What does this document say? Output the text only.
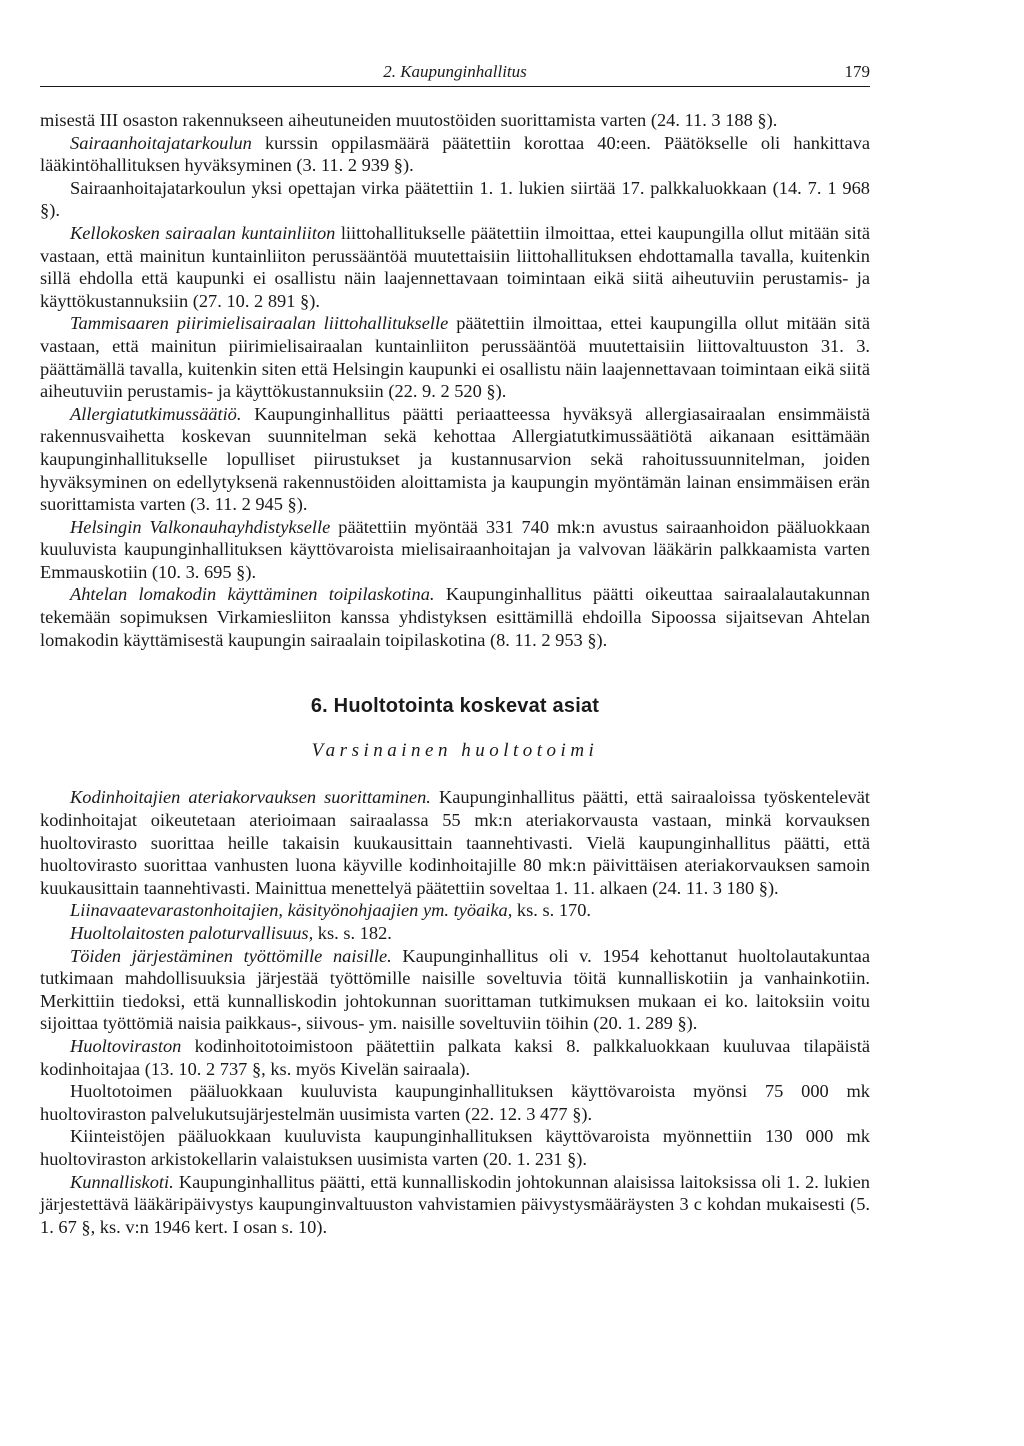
2. Kaupunginhallitus	179

misestä III osaston rakennukseen aiheutuneiden muutostöiden suorittamista varten (24. 11. 3 188 §).

Sairaanhoitajatarkoulun kurssin oppilasmäärä päätettiin korottaa 40:een. Päätökselle oli hankittava lääkintöhallituksen hyväksyminen (3. 11. 2 939 §).

Sairaanhoitajatarkoulun yksi opettajan virka päätettiin 1. 1. lukien siirtää 17. palkkaluokkaan (14. 7. 1 968 §).

Kellokosken sairaalan kuntainliiton liittohallitukselle päätettiin ilmoittaa, ettei kaupungilla ollut mitään sitä vastaan, että mainitun kuntainliiton perussääntöä muutettaisiin liittohallituksen ehdottamalla tavalla, kuitenkin sillä ehdolla että kaupunki ei osallistu näin laajennettavaan toimintaan eikä siitä aiheutuviin perustamis- ja käyttökustannuksiin (27. 10. 2 891 §).

Tammisaaren piirimielisairaalan liittohallitukselle päätettiin ilmoittaa, ettei kaupungilla ollut mitään sitä vastaan, että mainitun piirimielisairaalan kuntainliiton perussääntöä muutettaisiin liittovaltuuston 31. 3. päättämällä tavalla, kuitenkin siten että Helsingin kaupunki ei osallistu näin laajennettavaan toimintaan eikä siitä aiheutuviin perustamis- ja käyttökustannuksiin (22. 9. 2 520 §).

Allergiatutkimussäätiö. Kaupunginhallitus päätti periaatteessa hyväksyä allergiasairaalan ensimmäistä rakennusvaihetta koskevan suunnitelman sekä kehottaa Allergiatutkimussäätiötä aikanaan esittämään kaupunginhallitukselle lopulliset piirustukset ja kustannusarvion sekä rahoitussuunnitelman, joiden hyväksyminen on edellytyksenä rakennustöiden aloittamista ja kaupungin myöntämän lainan ensimmäisen erän suorittamista varten (3. 11. 2 945 §).

Helsingin Valkonauhayhdistykselle päätettiin myöntää 331 740 mk:n avustus sairaanhoidon pääluokkaan kuuluvista kaupunginhallituksen käyttövaroista mielisairaanhoitajan ja valvovan lääkärin palkkaamista varten Emmauskotiin (10. 3. 695 §).

Ahtelan lomakodin käyttäminen toipilaskotina. Kaupunginhallitus päätti oikeuttaa sairaalalautakunnan tekemään sopimuksen Virkamiesliiton kanssa yhdistyksen esittämillä ehdoilla Sipoossa sijaitsevan Ahtelan lomakodin käyttämisestä kaupungin sairaalain toipilaskotina (8. 11. 2 953 §).

6. Huoltotointa koskevat asiat
Varsinainen huoltotoimi

Kodinhoitajien ateriakorvauksen suorittaminen. Kaupunginhallitus päätti, että sairaaloissa työskentelevät kodinhoitajat oikeutetaan aterioimaan sairaalassa 55 mk:n ateriakorvausta vastaan, minkä korvauksen huoltovirasto suorittaa heille takaisin kuukausittain taannehtivasti. Vielä kaupunginhallitus päätti, että huoltovirasto suorittaa vanhusten luona käyville kodinhoitajille 80 mk:n päivittäisen ateriakorvauksen samoin kuukausittain taannehtivasti. Mainittua menettelyä päätettiin soveltaa 1. 11. alkaen (24. 11. 3 180 §).

Liinavaatevarastonhoitajien, käsityönohjaajien ym. työaika, ks. s. 170.

Huoltolaitosten paloturvallisuus, ks. s. 182.

Töiden järjestäminen työttömille naisille. Kaupunginhallitus oli v. 1954 kehottanut huoltolautakuntaa tutkimaan mahdollisuuksia järjestää työttömille naisille soveltuvia töitä kunnalliskotiin ja vanhainkotiin. Merkittiin tiedoksi, että kunnalliskodin johtokunnan suorittaman tutkimuksen mukaan ei ko. laitoksiin voitu sijoittaa työttömiä naisia paikkaus-, siivous- ym. naisille soveltuviin töihin (20. 1. 289 §).

Huoltoviraston kodinhoitotoimistoon päätettiin palkata kaksi 8. palkkaluokkaan kuuluvaa tilapäistä kodinhoitajaa (13. 10. 2 737 §, ks. myös Kivelän sairaala).

Huoltotoimen pääluokkaan kuuluvista kaupunginhallituksen käyttövaroista myönsi 75 000 mk huoltoviraston palvelukutsujärjestelmän uusimista varten (22. 12. 3 477 §).

Kiinteistöjen pääluokkaan kuuluvista kaupunginhallituksen käyttövaroista myönnettiin 130 000 mk huoltoviraston arkistokellarin valaistuksen uusimista varten (20. 1. 231 §).

Kunnalliskoti. Kaupunginhallitus päätti, että kunnalliskodin johtokunnan alaisissa laitoksissa oli 1. 2. lukien järjestettävä lääkäripäivystys kaupunginvaltuuston vahvistamien päivystysmääräysten 3 c kohdan mukaisesti (5. 1. 67 §, ks. v:n 1946 kert. I osan s. 10).
